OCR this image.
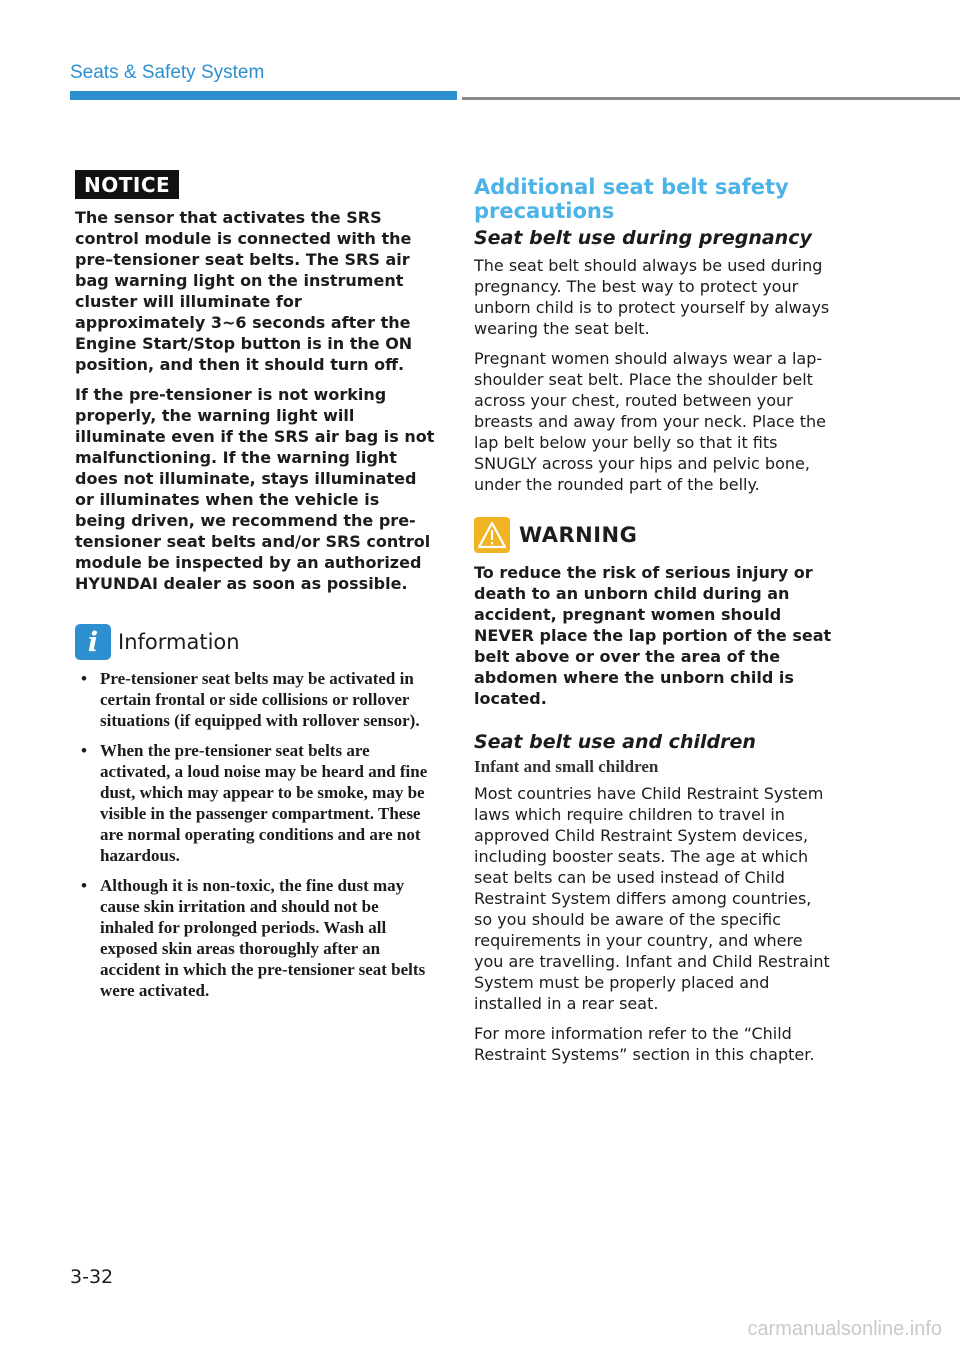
Seats & Safety System
NOTICE

The sensor that activates the SRS control module is connected with the pre–tensioner seat belts. The SRS air bag warning light on the instrument cluster will illuminate for approximately 3~6 seconds after the Engine Start/Stop button is in the ON position, and then it should turn off.

If the pre-tensioner is not working properly, the warning light will illuminate even if the SRS air bag is not malfunctioning. If the warning light does not illuminate, stays illuminated or illuminates when the vehicle is being driven, we recommend the pre-tensioner seat belts and/or SRS control module be inspected by an authorized HYUNDAI dealer as soon as possible.

i Information
• Pre-tensioner seat belts may be activated in certain frontal or side collisions or rollover situations (if equipped with rollover sensor).
• When the pre-tensioner seat belts are activated, a loud noise may be heard and fine dust, which may appear to be smoke, may be visible in the passenger compartment. These are normal operating conditions and are not hazardous.
• Although it is non-toxic, the fine dust may cause skin irritation and should not be inhaled for prolonged periods. Wash all exposed skin areas thoroughly after an accident in which the pre-tensioner seat belts were activated.
Additional seat belt safety precautions
Seat belt use during pregnancy

The seat belt should always be used during pregnancy. The best way to protect your unborn child is to protect yourself by always wearing the seat belt.

Pregnant women should always wear a lap-shoulder seat belt. Place the shoulder belt across your chest, routed between your breasts and away from your neck. Place the lap belt below your belly so that it fits SNUGLY across your hips and pelvic bone, under the rounded part of the belly.

WARNING

To reduce the risk of serious injury or death to an unborn child during an accident, pregnant women should NEVER place the lap portion of the seat belt above or over the area of the abdomen where the unborn child is located.

Seat belt use and children
Infant and small children

Most countries have Child Restraint System laws which require children to travel in approved Child Restraint System devices, including booster seats. The age at which seat belts can be used instead of Child Restraint System differs among countries, so you should be aware of the specific requirements in your country, and where you are travelling. Infant and Child Restraint System must be properly placed and installed in a rear seat.

For more information refer to the “Child Restraint Systems” section in this chapter.

3-32
carmanualsonline.info
